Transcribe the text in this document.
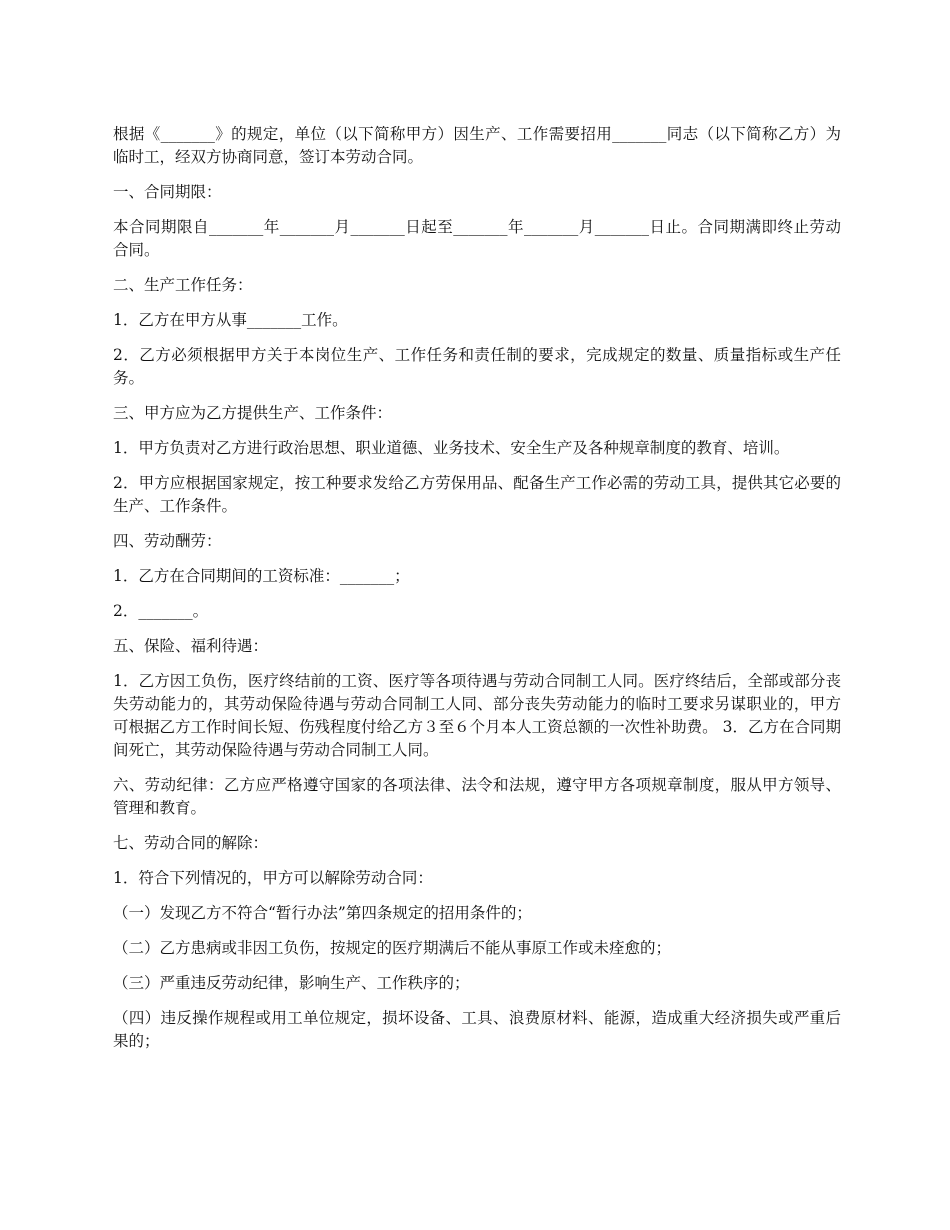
根据《_______》的规定，单位（以下简称甲方）因生产、工作需要招用_______同志（以下简称乙方）为临时工，经双方协商同意，签订本劳动合同。

一、合同期限：

本合同期限自_______年_______月_______日起至_______年_______月_______日止。合同期满即终止劳动合同。

二、生产工作任务：

1．乙方在甲方从事_______工作。

2．乙方必须根据甲方关于本岗位生产、工作任务和责任制的要求，完成规定的数量、质量指标或生产任务。

三、甲方应为乙方提供生产、工作条件：

1．甲方负责对乙方进行政治思想、职业道德、业务技术、安全生产及各种规章制度的教育、培训。

2．甲方应根据国家规定，按工种要求发给乙方劳保用品、配备生产工作必需的劳动工具，提供其它必要的生产、工作条件。

四、劳动酬劳：

1．乙方在合同期间的工资标准：_______；

2．_______。

五、保险、福利待遇：

1．乙方因工负伤，医疗终结前的工资、医疗等各项待遇与劳动合同制工人同。医疗终结后，全部或部分丧失劳动能力的，其劳动保险待遇与劳动合同制工人同、部分丧失劳动能力的临时工要求另谋职业的，甲方可根据乙方工作时间长短、伤残程度付给乙方３至６个月本人工资总额的一次性补助费。 3．乙方在合同期间死亡，其劳动保险待遇与劳动合同制工人同。

六、劳动纪律：乙方应严格遵守国家的各项法律、法令和法规，遵守甲方各项规章制度，服从甲方领导、管理和教育。

七、劳动合同的解除：

1．符合下列情况的，甲方可以解除劳动合同：

（一）发现乙方不符合“暂行办法”第四条规定的招用条件的；

（二）乙方患病或非因工负伤，按规定的医疗期满后不能从事原工作或未痊愈的；

（三）严重违反劳动纪律，影响生产、工作秩序的；

（四）违反操作规程或用工单位规定，损坏设备、工具、浪费原材料、能源，造成重大经济损失或严重后果的；
